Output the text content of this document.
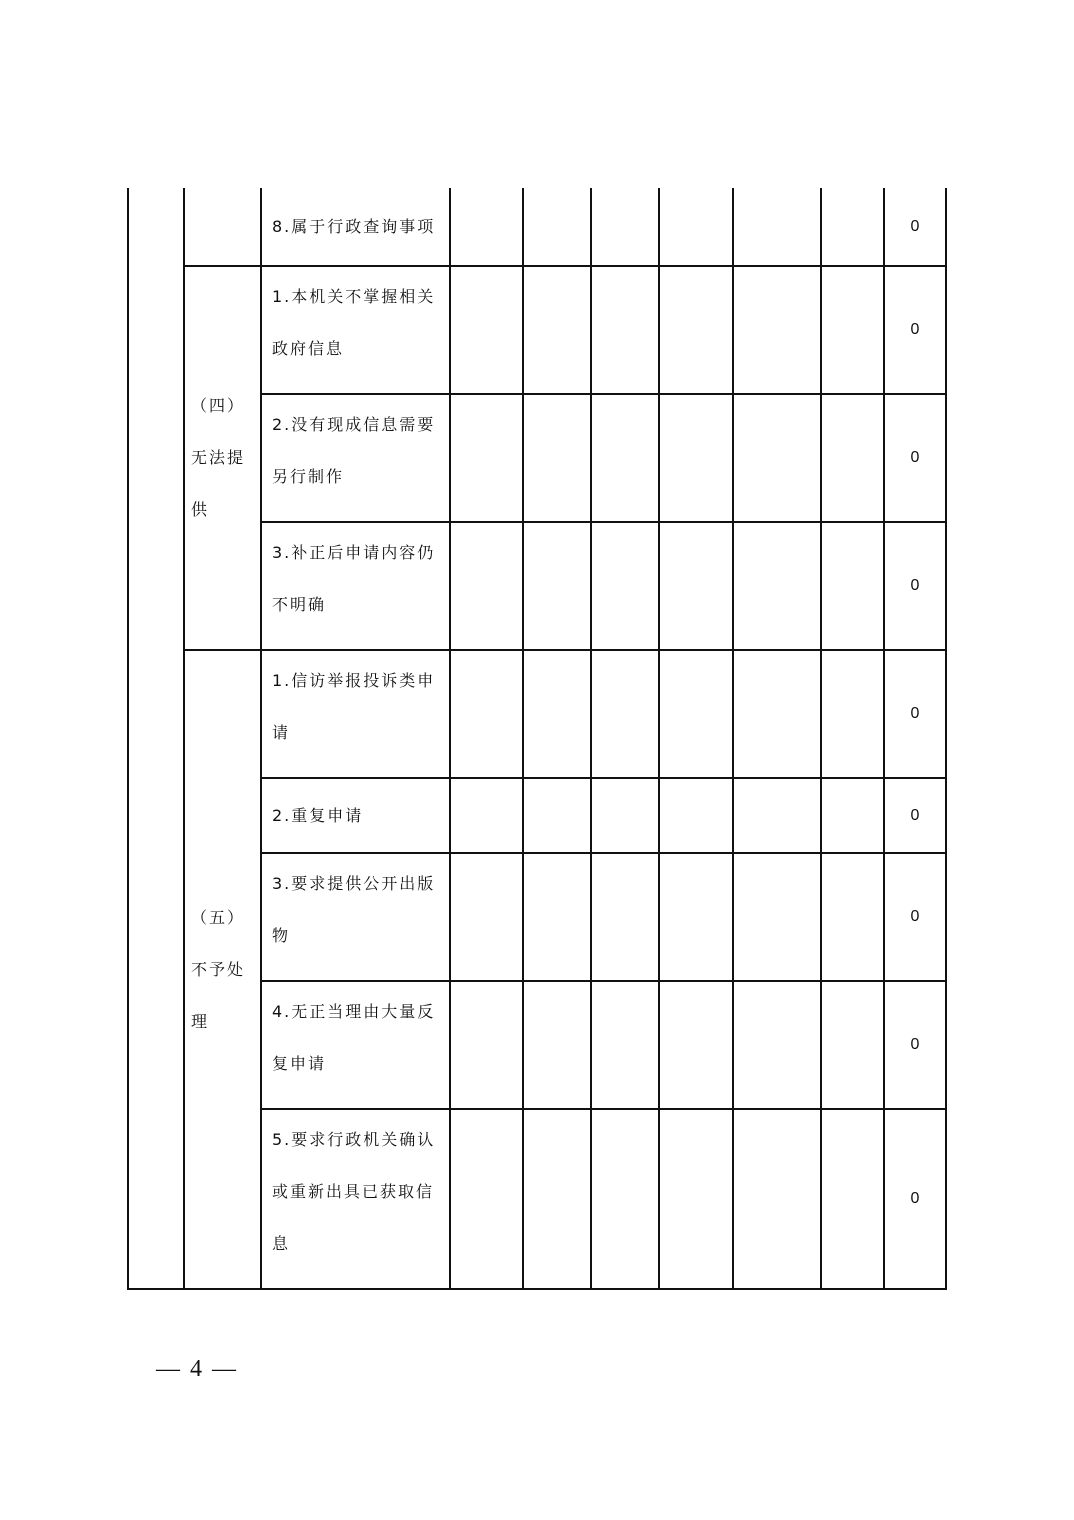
		8.属于行政查询事项							0
	（四）无法提供	1.本机关不掌握相关政府信息							0
		2.没有现成信息需要另行制作							0
		3.补正后申请内容仍不明确							0
	（五）不予处理	1.信访举报投诉类申请							0
		2.重复申请							0
		3.要求提供公开出版物							0
		4.无正当理由大量反复申请							0
		5.要求行政机关确认或重新出具已获取信息							0
— 4 —
